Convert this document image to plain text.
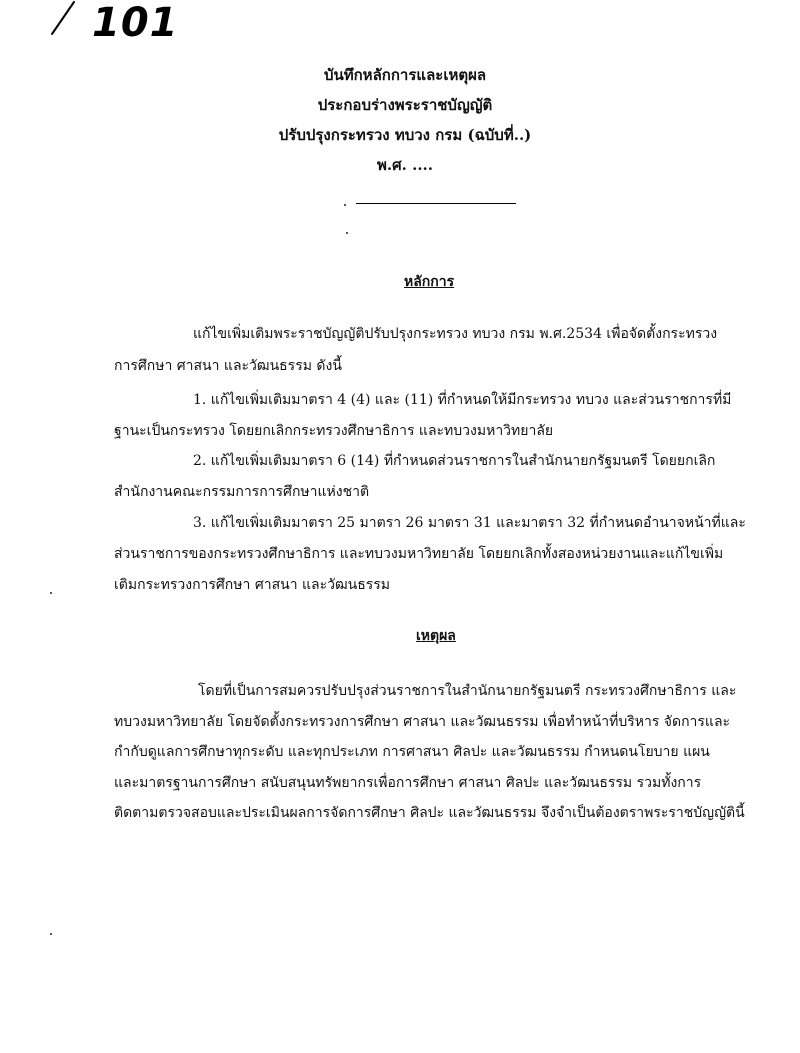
101
บันทึกหลักการและเหตุผล
ประกอบร่างพระราชบัญญัติ
ปรับปรุงกระทรวง ทบวง กรม (ฉบับที่..)
พ.ศ. ....
หลักการ
แก้ไขเพิ่มเติมพระราชบัญญัติปรับปรุงกระทรวง ทบวง กรม พ.ศ.2534 เพื่อจัดตั้งกระทรวง
การศึกษา ศาสนา และวัฒนธรรม ดังนี้
1. แก้ไขเพิ่มเติมมาตรา 4 (4) และ (11) ที่กำหนดให้มีกระทรวง ทบวง และส่วนราชการที่มี
ฐานะเป็นกระทรวง โดยยกเลิกกระทรวงศึกษาธิการ และทบวงมหาวิทยาลัย
2. แก้ไขเพิ่มเติมมาตรา 6 (14) ที่กำหนดส่วนราชการในสำนักนายกรัฐมนตรี โดยยกเลิก
สำนักงานคณะกรรมการการศึกษาแห่งชาติ
3. แก้ไขเพิ่มเติมมาตรา 25 มาตรา 26 มาตรา 31 และมาตรา 32 ที่กำหนดอำนาจหน้าที่และ
ส่วนราชการของกระทรวงศึกษาธิการ และทบวงมหาวิทยาลัย โดยยกเลิกทั้งสองหน่วยงานและแก้ไขเพิ่ม
เติมกระทรวงการศึกษา ศาสนา และวัฒนธรรม
เหตุผล
โดยที่เป็นการสมควรปรับปรุงส่วนราชการในสำนักนายกรัฐมนตรี กระทรวงศึกษาธิการ และ
ทบวงมหาวิทยาลัย โดยจัดตั้งกระทรวงการศึกษา ศาสนา และวัฒนธรรม เพื่อทำหน้าที่บริหาร จัดการและ
กำกับดูแลการศึกษาทุกระดับ และทุกประเภท การศาสนา ศิลปะ และวัฒนธรรม กำหนดนโยบาย แผน
และมาตรฐานการศึกษา สนับสนุนทรัพยากรเพื่อการศึกษา ศาสนา ศิลปะ และวัฒนธรรม รวมทั้งการ
ติดตามตรวจสอบและประเมินผลการจัดการศึกษา ศิลปะ และวัฒนธรรม จึงจำเป็นต้องตราพระราชบัญญัตินี้
